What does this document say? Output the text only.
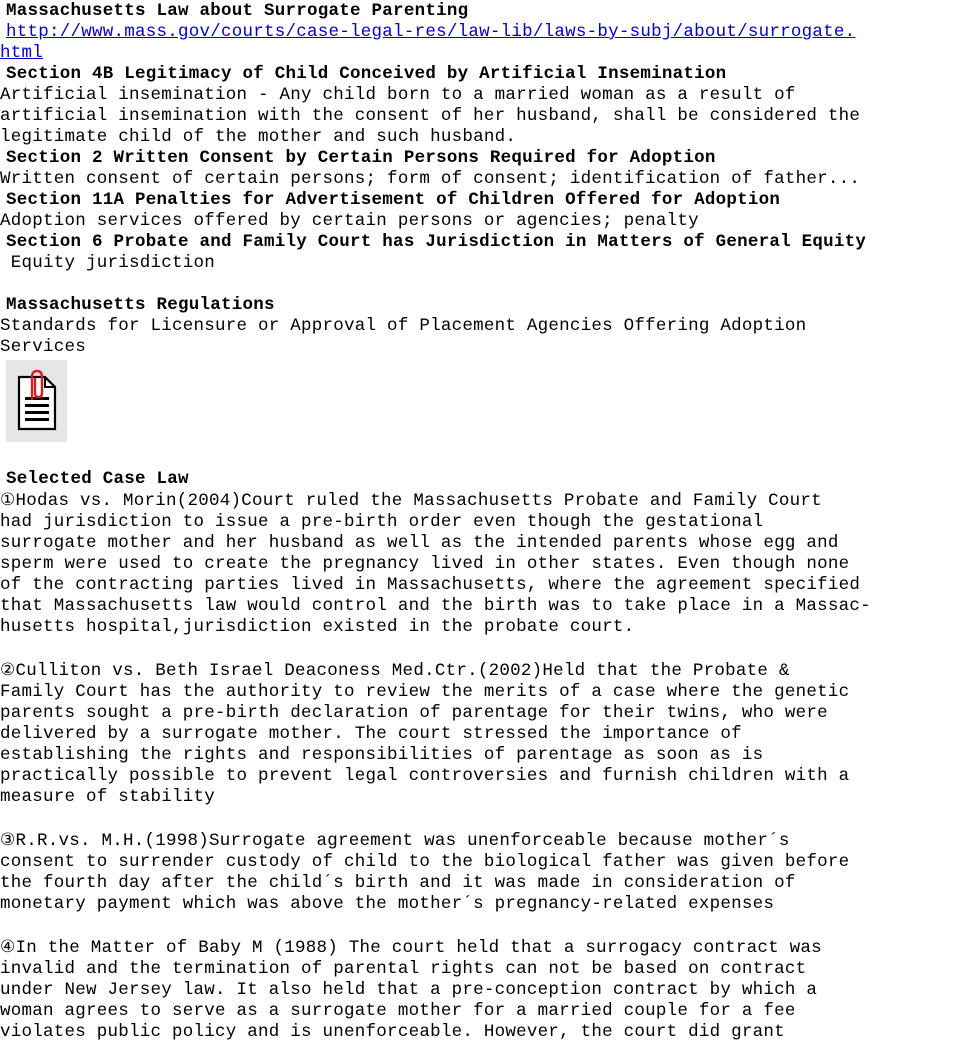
Massachusetts Law about Surrogate Parenting
http://www.mass.gov/courts/case-legal-res/law-lib/laws-by-subj/about/surrogate.
html
Section 4B Legitimacy of Child Conceived by Artificial Insemination
Artificial insemination - Any child born to a married woman as a result of
artificial insemination with the consent of her husband, shall be considered the
legitimate child of the mother and such husband.
Section 2 Written Consent by Certain Persons Required for Adoption
Written consent of certain persons; form of consent; identification of father...
Section 11A Penalties for Advertisement of Children Offered for Adoption
Adoption services offered by certain persons or agencies; penalty
Section 6 Probate and Family Court has Jurisdiction in Matters of General Equity
Equity jurisdiction
Massachusetts Regulations
Standards for Licensure or Approval of Placement Agencies Offering Adoption
Services
Selected Case Law
①Hodas vs. Morin(2004)Court ruled the Massachusetts Probate and Family Court
had jurisdiction to issue a pre-birth order even though the gestational
surrogate mother and her husband as well as the intended parents whose egg and
sperm were used to create the pregnancy lived in other states. Even though none
of the contracting parties lived in Massachusetts, where the agreement specified
that Massachusetts law would control and the birth was to take place in a Massac-
husetts hospital,jurisdiction existed in the probate court.
②Culliton vs. Beth Israel Deaconess Med.Ctr.(2002)Held that the Probate &
Family Court has the authority to review the merits of a case where the genetic
parents sought a pre-birth declaration of parentage for their twins, who were
delivered by a surrogate mother. The court stressed the importance of
establishing the rights and responsibilities of parentage as soon as is
practically possible to prevent legal controversies and furnish children with a
measure of stability
③R.R.vs. M.H.(1998)Surrogate agreement was unenforceable because mother´s
consent to surrender custody of child to the biological father was given before
the fourth day after the child´s birth and it was made in consideration of
monetary payment which was above the mother´s pregnancy-related expenses
④In the Matter of Baby M (1988) The court held that a surrogacy contract was
invalid and the termination of parental rights can not be based on contract
under New Jersey law. It also held that a pre-conception contract by which a
woman agrees to serve as a surrogate mother for a married couple for a fee
violates public policy and is unenforceable. However, the court did grant
